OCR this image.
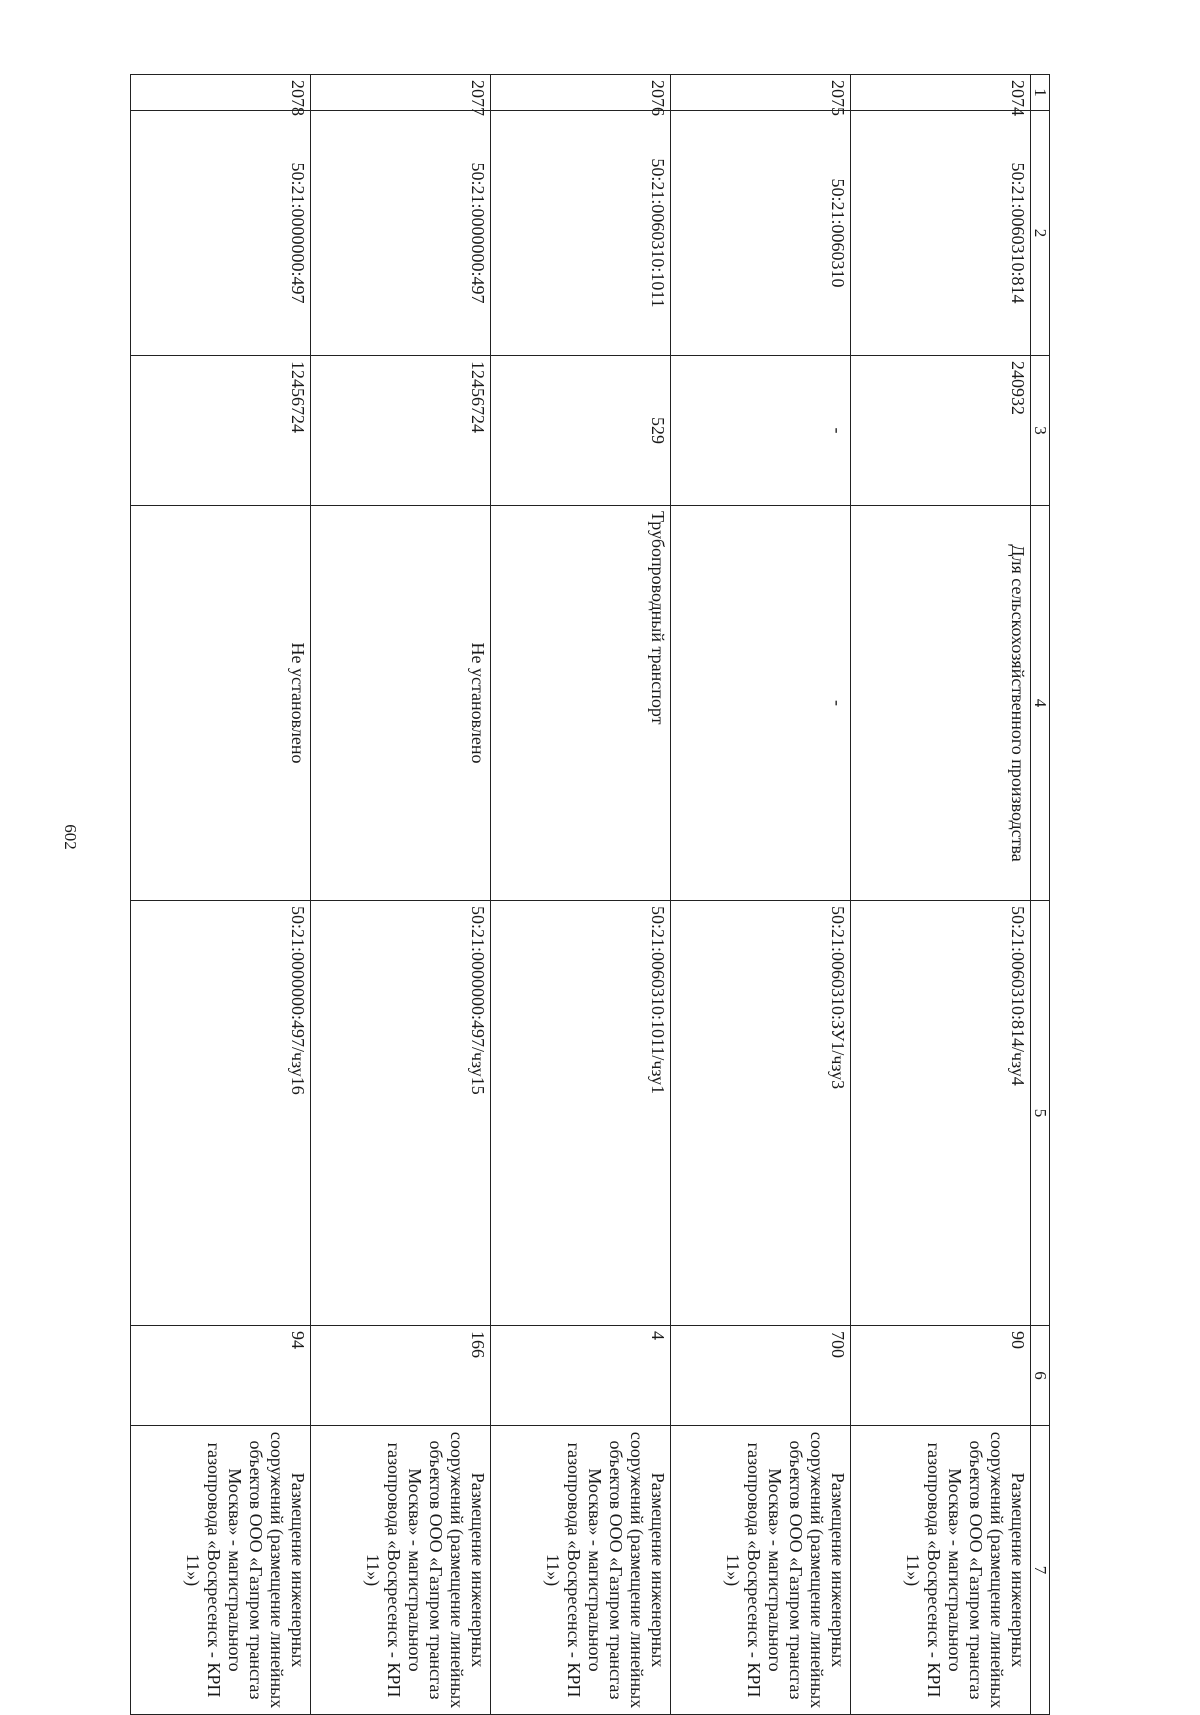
602
1	2	3	4	5	6	7
2074	50:21:0060310:814	240932	Для сельскохозяйственного производства	50:21:0060310:814/чзу4	90	Размещение инженерных сооружений (размещение линейных объектов ООО «Газпром трансгаз Москва» - магистрального газопровода «Воскресенск - КРП 11»)
2075	50:21:0060310	-	-	50:21:0060310:ЗУ1/чзу3	700	Размещение инженерных сооружений (размещение линейных объектов ООО «Газпром трансгаз Москва» - магистрального газопровода «Воскресенск - КРП 11»)
2076	50:21:0060310:1011	529	Трубопроводный транспорт	50:21:0060310:1011/чзу1	4	Размещение инженерных сооружений (размещение линейных объектов ООО «Газпром трансгаз Москва» - магистрального газопровода «Воскресенск - КРП 11»)
2077	50:21:0000000:497	12456724	Не установлено	50:21:0000000:497/чзу15	166	Размещение инженерных сооружений (размещение линейных объектов ООО «Газпром трансгаз Москва» - магистрального газопровода «Воскресенск - КРП 11»)
2078	50:21:0000000:497	12456724	Не установлено	50:21:0000000:497/чзу16	94	Размещение инженерных сооружений (размещение линейных объектов ООО «Газпром трансгаз Москва» - магистрального газопровода «Воскресенск - КРП 11»)
